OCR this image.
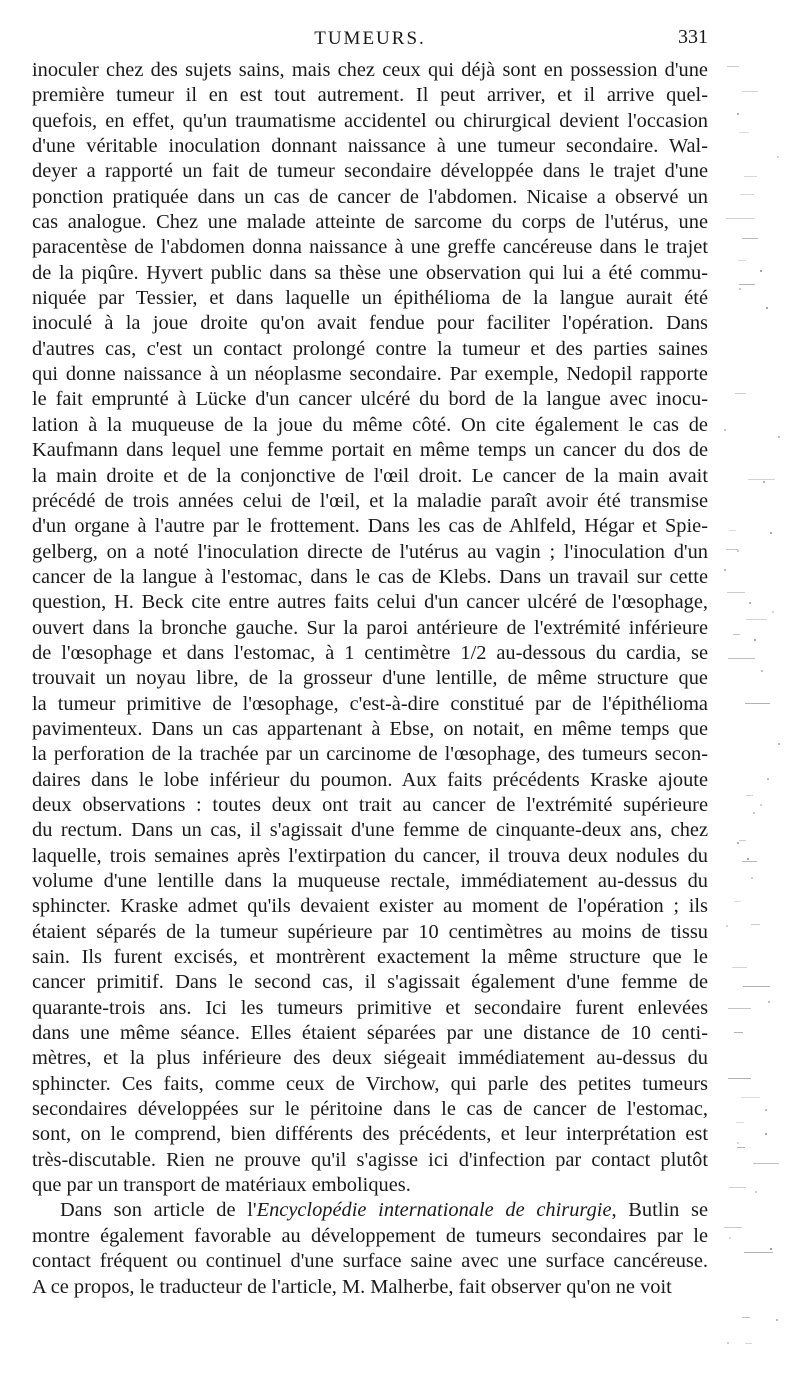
TUMEURS.	331
inoculer chez des sujets sains, mais chez ceux qui déjà sont en possession d'une
première tumeur il en est tout autrement. Il peut arriver, et il arrive quel-
quefois, en effet, qu'un traumatisme accidentel ou chirurgical devient l'occasion
d'une véritable inoculation donnant naissance à une tumeur secondaire. Wal-
deyer a rapporté un fait de tumeur secondaire développée dans le trajet d'une
ponction pratiquée dans un cas de cancer de l'abdomen. Nicaise a observé un
cas analogue. Chez une malade atteinte de sarcome du corps de l'utérus, une
paracentèse de l'abdomen donna naissance à une greffe cancéreuse dans le trajet
de la piqûre. Hyvert public dans sa thèse une observation qui lui a été commu-
niquée par Tessier, et dans laquelle un épithélioma de la langue aurait été
inoculé à la joue droite qu'on avait fendue pour faciliter l'opération. Dans
d'autres cas, c'est un contact prolongé contre la tumeur et des parties saines
qui donne naissance à un néoplasme secondaire. Par exemple, Nedopil rapporte
le fait emprunté à Lücke d'un cancer ulcéré du bord de la langue avec inocu-
lation à la muqueuse de la joue du même côté. On cite également le cas de
Kaufmann dans lequel une femme portait en même temps un cancer du dos de
la main droite et de la conjonctive de l'œil droit. Le cancer de la main avait
précédé de trois années celui de l'œil, et la maladie paraît avoir été transmise
d'un organe à l'autre par le frottement. Dans les cas de Ahlfeld, Hégar et Spie-
gelberg, on a noté l'inoculation directe de l'utérus au vagin ; l'inoculation d'un
cancer de la langue à l'estomac, dans le cas de Klebs. Dans un travail sur cette
question, H. Beck cite entre autres faits celui d'un cancer ulcéré de l'œsophage,
ouvert dans la bronche gauche. Sur la paroi antérieure de l'extrémité inférieure
de l'œsophage et dans l'estomac, à 1 centimètre 1/2 au-dessous du cardia, se
trouvait un noyau libre, de la grosseur d'une lentille, de même structure que
la tumeur primitive de l'œsophage, c'est-à-dire constitué par de l'épithélioma
pavimenteux. Dans un cas appartenant à Ebse, on notait, en même temps que
la perforation de la trachée par un carcinome de l'œsophage, des tumeurs secon-
daires dans le lobe inférieur du poumon. Aux faits précédents Kraske ajoute
deux observations : toutes deux ont trait au cancer de l'extrémité supérieure
du rectum. Dans un cas, il s'agissait d'une femme de cinquante-deux ans, chez
laquelle, trois semaines après l'extirpation du cancer, il trouva deux nodules du
volume d'une lentille dans la muqueuse rectale, immédiatement au-dessus du
sphincter. Kraske admet qu'ils devaient exister au moment de l'opération ; ils
étaient séparés de la tumeur supérieure par 10 centimètres au moins de tissu
sain. Ils furent excisés, et montrèrent exactement la même structure que le
cancer primitif. Dans le second cas, il s'agissait également d'une femme de
quarante-trois ans. Ici les tumeurs primitive et secondaire furent enlevées
dans une même séance. Elles étaient séparées par une distance de 10 centi-
mètres, et la plus inférieure des deux siégeait immédiatement au-dessus du
sphincter. Ces faits, comme ceux de Virchow, qui parle des petites tumeurs
secondaires développées sur le péritoine dans le cas de cancer de l'estomac,
sont, on le comprend, bien différents des précédents, et leur interprétation est
très-discutable. Rien ne prouve qu'il s'agisse ici d'infection par contact plutôt
que par un transport de matériaux emboliques.
Dans son article de l'Encyclopédie internationale de chirurgie, Butlin se
montre également favorable au développement de tumeurs secondaires par le
contact fréquent ou continuel d'une surface saine avec une surface cancéreuse.
A ce propos, le traducteur de l'article, M. Malherbe, fait observer qu'on ne voit
